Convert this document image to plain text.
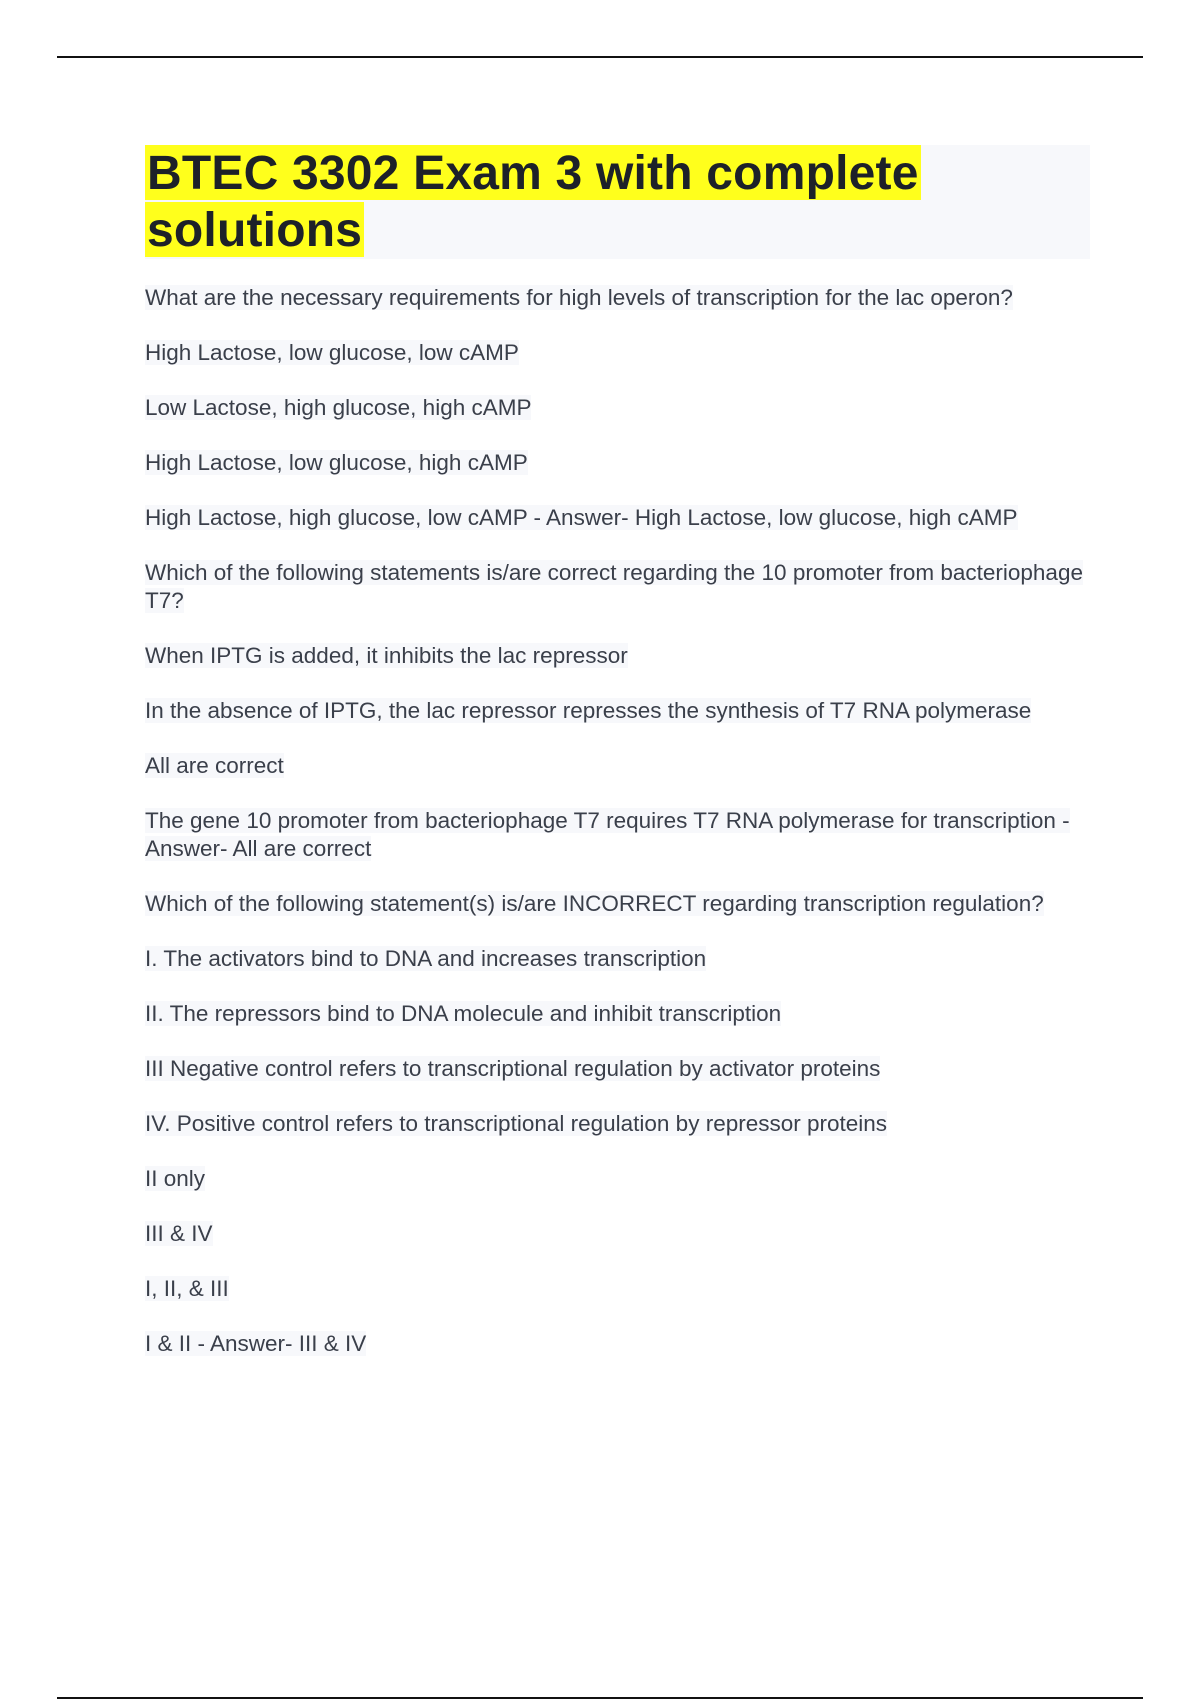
BTEC 3302 Exam 3 with complete solutions

What are the necessary requirements for high levels of transcription for the lac operon?

High Lactose, low glucose, low cAMP

Low Lactose, high glucose, high cAMP

High Lactose, low glucose, high cAMP

High Lactose, high glucose, low cAMP - Answer- High Lactose, low glucose, high cAMP

Which of the following statements is/are correct regarding the 10 promoter from bacteriophage T7?

When IPTG is added, it inhibits the lac repressor

In the absence of IPTG, the lac repressor represses the synthesis of T7 RNA polymerase

All are correct

The gene 10 promoter from bacteriophage T7 requires T7 RNA polymerase for transcription - Answer- All are correct

Which of the following statement(s) is/are INCORRECT regarding transcription regulation?

I. The activators bind to DNA and increases transcription

II. The repressors bind to DNA molecule and inhibit transcription

III Negative control refers to transcriptional regulation by activator proteins

IV. Positive control refers to transcriptional regulation by repressor proteins

II only

III & IV

I, II, & III

I & II - Answer- III & IV
